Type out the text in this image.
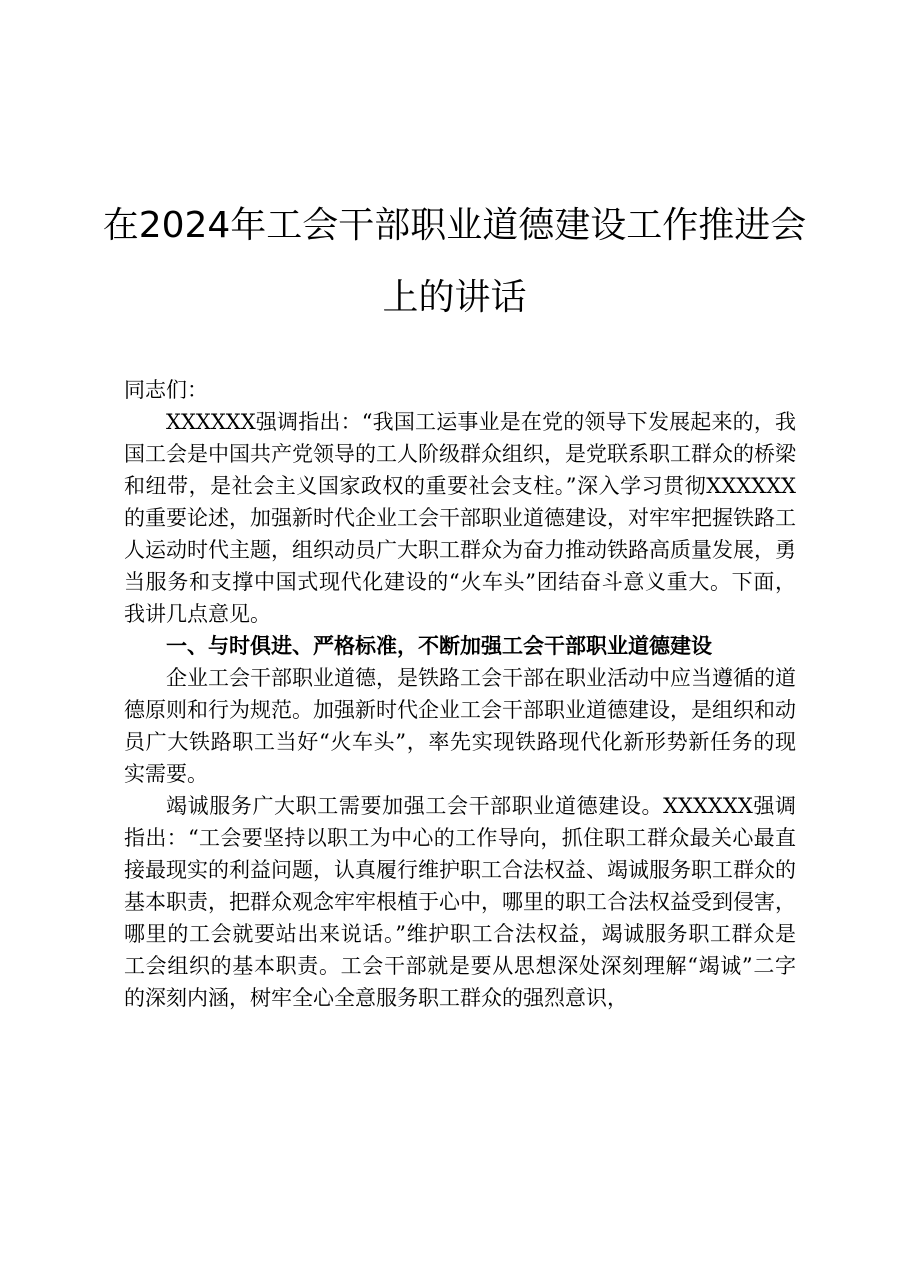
在2024年工会干部职业道德建设工作推进会上的讲话

同志们：

XXXXXX强调指出：“我国工运事业是在党的领导下发展起来的，我国工会是中国共产党领导的工人阶级群众组织，是党联系职工群众的桥梁和纽带，是社会主义国家政权的重要社会支柱。”深入学习贯彻XXXXXX的重要论述，加强新时代企业工会干部职业道德建设，对牢牢把握铁路工人运动时代主题，组织动员广大职工群众为奋力推动铁路高质量发展，勇当服务和支撑中国式现代化建设的“火车头”团结奋斗意义重大。下面，我讲几点意见。

一、与时俱进、严格标准，不断加强工会干部职业道德建设

企业工会干部职业道德，是铁路工会干部在职业活动中应当遵循的道德原则和行为规范。加强新时代企业工会干部职业道德建设，是组织和动员广大铁路职工当好“火车头”，率先实现铁路现代化新形势新任务的现实需要。

竭诚服务广大职工需要加强工会干部职业道德建设。XXXXXX强调指出：“工会要坚持以职工为中心的工作导向，抓住职工群众最关心最直接最现实的利益问题，认真履行维护职工合法权益、竭诚服务职工群众的基本职责，把群众观念牢牢根植于心中，哪里的职工合法权益受到侵害，哪里的工会就要站出来说话。”维护职工合法权益，竭诚服务职工群众是工会组织的基本职责。工会干部就是要从思想深处深刻理解“竭诚”二字的深刻内涵，树牢全心全意服务职工群众的强烈意识，
